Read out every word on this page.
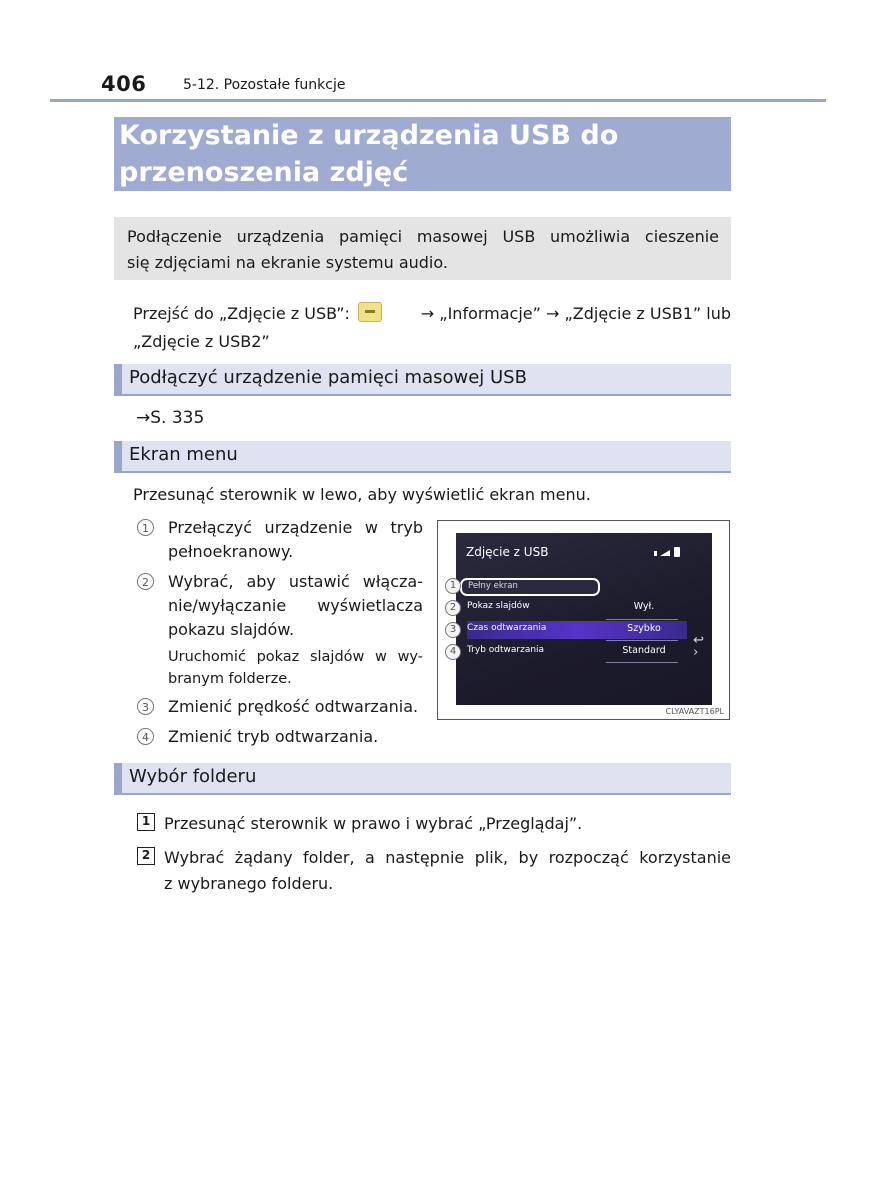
406	5-12. Pozostałe funkcje
Korzystanie z urządzenia USB do
przenoszenia zdjęć
Podłączenie urządzenia pamięci masowej USB umożliwia cieszenie
się zdjęciami na ekranie systemu audio.
Przejść do „Zdjęcie z USB”:	→ „Informacje” → „Zdjęcie z USB1” lub
„Zdjęcie z USB2”
Podłączyć urządzenie pamięci masowej USB
→S. 335
Ekran menu
Przesunąć sterownik w lewo, aby wyświetlić ekran menu.
1	Przełączyć urządzenie w tryb
pełnoekranowy.
2	Wybrać, aby ustawić włącza-
nie/wyłączanie wyświetlacza
pokazu slajdów.
Uruchomić pokaz slajdów w wy-
branym folderze.
3	Zmienić prędkość odtwarzania.
4	Zmienić tryb odtwarzania.
Zdjęcie z USB
Pełny ekran
Pokaz slajdów	Wył.
Czas odtwarzania	Szybko
Tryb odtwarzania	Standard
↩
›
1
2
3
4
CLYAVAZT16PL
Wybór folderu
1 Przesunąć sterownik w prawo i wybrać „Przeglądaj”.
2 Wybrać żądany folder, a następnie plik, by rozpocząć korzystanie
z wybranego folderu.
